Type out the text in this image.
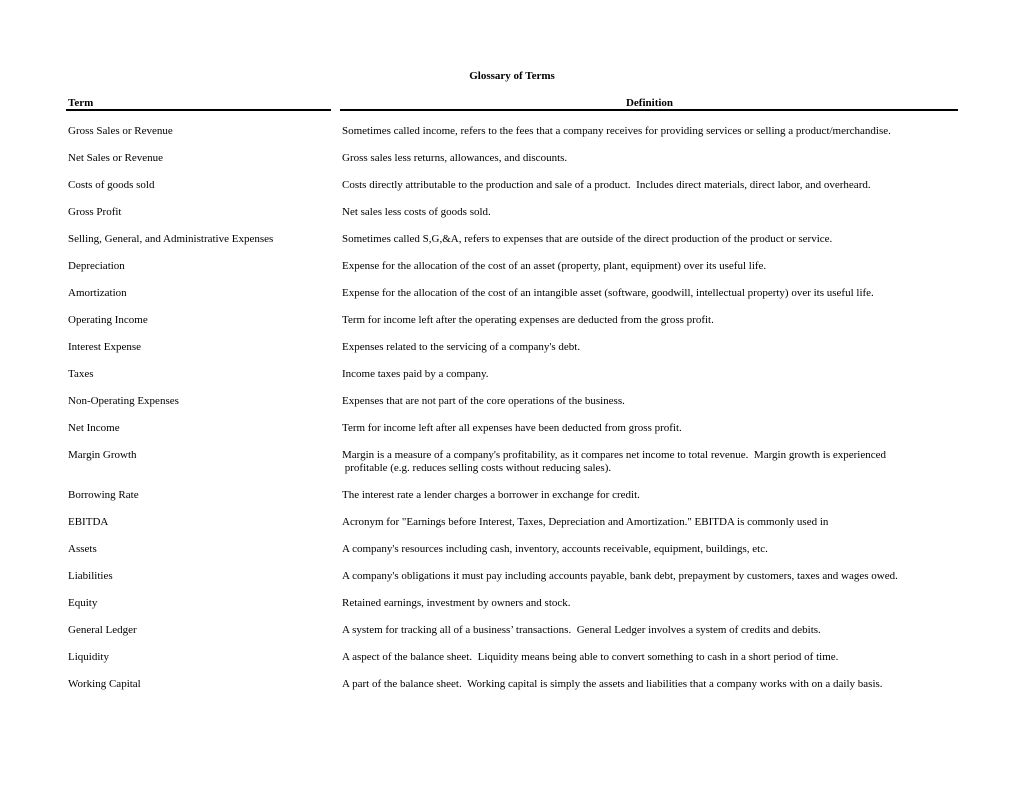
Glossary of Terms
Term	Definition
Gross Sales or Revenue	Sometimes called income, refers to the fees that a company receives for providing services or selling a product/merchandise.
Net Sales or Revenue	Gross sales less returns, allowances, and discounts.
Costs of goods sold	Costs directly attributable to the production and sale of a product.  Includes direct materials, direct labor, and overheard.
Gross Profit	Net sales less costs of goods sold.
Selling, General, and Administrative Expenses	Sometimes called S,G,&A, refers to expenses that are outside of the direct production of the product or service.
Depreciation	Expense for the allocation of the cost of an asset (property, plant, equipment) over its useful life.
Amortization	Expense for the allocation of the cost of an intangible asset (software, goodwill, intellectual property) over its useful life.
Operating Income	Term for income left after the operating expenses are deducted from the gross profit.
Interest Expense	Expenses related to the servicing of a company's debt.
Taxes	Income taxes paid by a company.
Non-Operating Expenses	Expenses that are not part of the core operations of the business.
Net Income	Term for income left after all expenses have been deducted from gross profit.
Margin Growth	Margin is a measure of a company's profitability, as it compares net income to total revenue.  Margin growth is experienced
profitable (e.g. reduces selling costs without reducing sales).
Borrowing Rate	The interest rate a lender charges a borrower in exchange for credit.
EBITDA	Acronym for "Earnings before Interest, Taxes, Depreciation and Amortization." EBITDA is commonly used in
Assets	A company's resources including cash, inventory, accounts receivable, equipment, buildings, etc.
Liabilities	A company's obligations it must pay including accounts payable, bank debt, prepayment by customers, taxes and wages owed.
Equity	Retained earnings, investment by owners and stock.
General Ledger	A system for tracking all of a business’ transactions.  General Ledger involves a system of credits and debits.
Liquidity	A aspect of the balance sheet.  Liquidity means being able to convert something to cash in a short period of time.
Working Capital	A part of the balance sheet.  Working capital is simply the assets and liabilities that a company works with on a daily basis.
